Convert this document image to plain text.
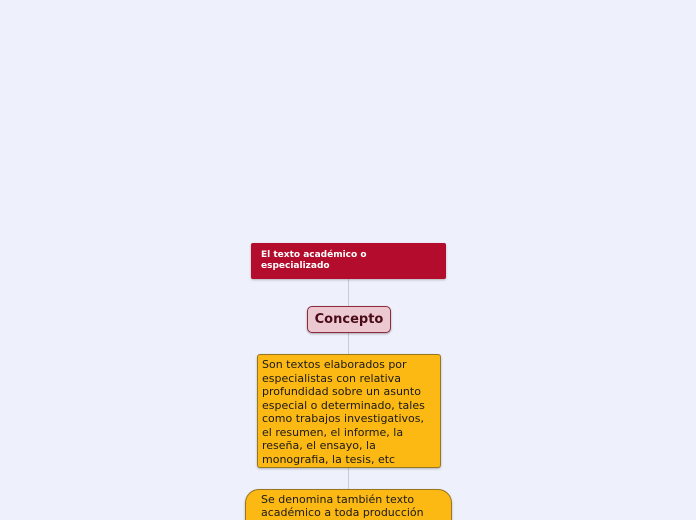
El texto académico o especializado
Concepto
Son textos elaborados por especialistas con relativa profundidad sobre un asunto especial o determinado, tales como trabajos investigativos, el resumen, el informe, la reseña, el ensayo, la monografia, la tesis, etc
Se denomina también texto académico a toda producción
